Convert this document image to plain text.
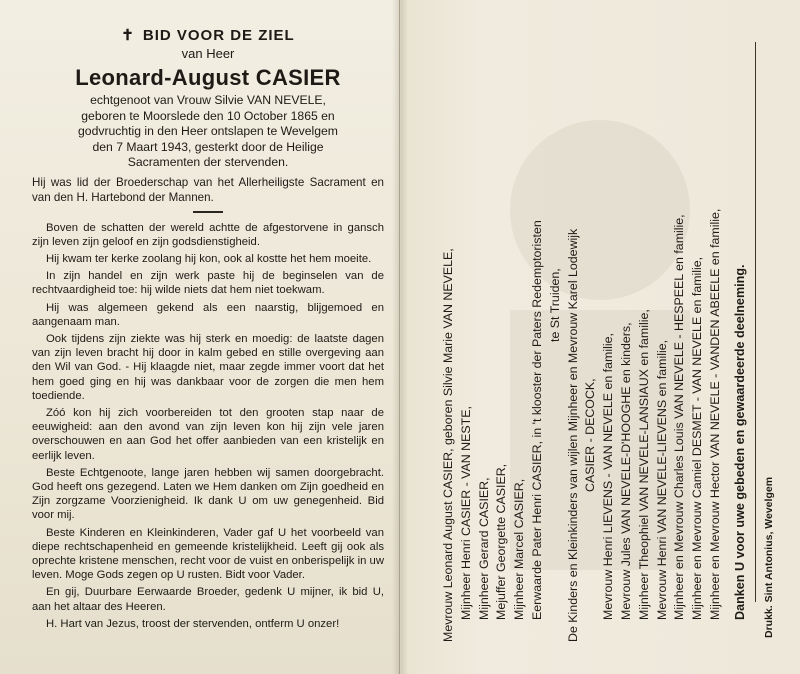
✝ BID VOOR DE ZIEL

van Heer

Leonard-August CASIER

echtgenoot van Vrouw Silvie VAN NEVELE,

geboren te Moorslede den 10 October 1865 en

godvruchtig in den Heer ontslapen te Wevelgem

den 7 Maart 1943, gesterkt door de Heilige

Sacramenten der stervenden.

Hij was lid der Broederschap van het Allerheiligste Sacrament en van den H. Hartebond der Mannen.

Boven de schatten der wereld achtte de afgestorvene in gansch zijn leven zijn geloof en zijn godsdienstigheid.

Hij kwam ter kerke zoolang hij kon, ook al kostte het hem moeite.

In zijn handel en zijn werk paste hij de beginselen van de rechtvaardigheid toe: hij wilde niets dat hem niet toekwam.

Hij was algemeen gekend als een naarstig, blijgemoed en aangenaam man.

Ook tijdens zijn ziekte was hij sterk en moedig: de laatste dagen van zijn leven bracht hij door in kalm gebed en stille overgeving aan den Wil van God. - Hij klaagde niet, maar zegde immer voort dat het hem goed ging en hij was dankbaar voor de zorgen die men hem toediende.

Zóó kon hij zich voorbereiden tot den grooten stap naar de eeuwigheid: aan den avond van zijn leven kon hij zijn vele jaren overschouwen en aan God het offer aanbieden van een kristelijk en eerlijk leven.

Beste Echtgenoote, lange jaren hebben wij samen doorgebracht. God heeft ons gezegend. Laten we Hem danken om Zijn goedheid en Zijn zorgzame Voorzienigheid. Ik dank U om uw genegenheid. Bid voor mij.

Beste Kinderen en Kleinkinderen, Vader gaf U het voorbeeld van diepe rechtschapenheid en gemeende kristelijkheid. Leeft gij ook als oprechte kristene menschen, recht voor de vuist en onberispelijk in uw leven. Moge Gods zegen op U rusten. Bidt voor Vader.

En gij, Duurbare Eerwaarde Broeder, gedenk U mijner, ik bid U, aan het altaar des Heeren.

H. Hart van Jezus, troost der stervenden, ontferm U onzer!	Mevrouw Leonard August CASIER, geboren Silvie Marie VAN NEVELE, Mijnheer Henri CASIER - VAN NESTE, Mijnheer Gerard CASIER, Mejuffer Georgette CASIER, Mijnheer Marcel CASIER, Eerwaarde Pater Henri CASIER, in 't klooster der Paters Redemptoristen te St Truiden, De Kinders en Kleinkinders van wijlen Mijnheer en Mevrouw Karel Lodewijk CASIER - DECOCK, Mevrouw Henri LIEVENS - VAN NEVELE en familie, Mevrouw Jules VAN NEVELE-D'HOOGHE en kinders, Mijnheer Theophiel VAN NEVELE-LANSIAUX en familie, Mevrouw Henri VAN NEVELE-LIEVENS en familie, Mijnheer en Mevrouw Charles Louis VAN NEVELE - HESPEEL en familie, Mijnheer en Mevrouw Camiel DESMET - VAN NEVELE en familie, Mijnheer en Mevrouw Hector VAN NEVELE - VANDEN ABEELE en familie, Danken U voor uwe gebeden en gewaardeerde deelneming. Drukk. Sint Antonius, Wevelgem
